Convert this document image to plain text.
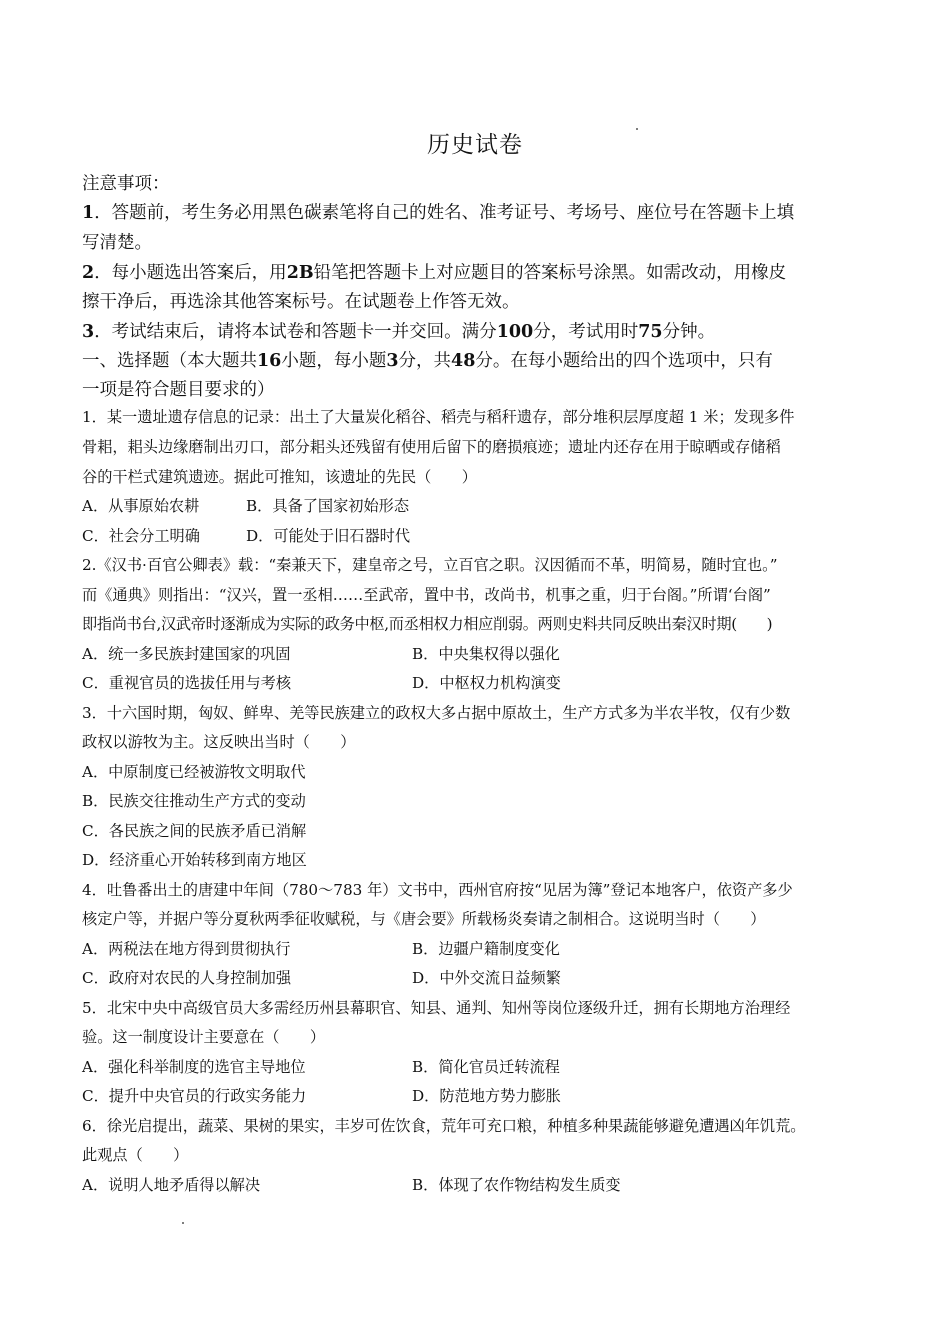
历史试卷
注意事项：
1．答题前，考生务必用黑色碳素笔将自己的姓名、准考证号、考场号、座位号在答题卡上填
写清楚。
2．每小题选出答案后，用2B铅笔把答题卡上对应题目的答案标号涂黑。如需改动，用橡皮
擦干净后，再选涂其他答案标号。在试题卷上作答无效。
3．考试结束后，请将本试卷和答题卡一并交回。满分100分，考试用时75分钟。
一、选择题（本大题共16小题，每小题3分，共48分。在每小题给出的四个选项中，只有
一项是符合题目要求的）
1．某一遗址遗存信息的记录：出土了大量炭化稻谷、稻壳与稻秆遗存，部分堆积层厚度超 1 米；发现多件
骨耜，耜头边缘磨制出刃口，部分耜头还残留有使用后留下的磨损痕迹；遗址内还存在用于晾晒或存储稻
谷的干栏式建筑遗迹。据此可推知，该遗址的先民（　　）
A．从事原始农耕	B．具备了国家初始形态
C．社会分工明确	D．可能处于旧石器时代
2.《汉书·百官公卿表》载：“秦兼天下，建皇帝之号，立百官之职。汉因循而不革，明简易，随时宜也。”
而《通典》则指出：“汉兴，置一丞相……至武帝，置中书，改尚书，机事之重，归于台阁。”所谓‘台阁”
即指尚书台,汉武帝时逐渐成为实际的政务中枢,而丞相权力相应削弱。两则史料共同反映出秦汉时期(　　)
A．统一多民族封建国家的巩固	B．中央集权得以强化
C．重视官员的选拔任用与考核	D．中枢权力机构演变
3．十六国时期，匈奴、鲜卑、羌等民族建立的政权大多占据中原故土，生产方式多为半农半牧，仅有少数
政权以游牧为主。这反映出当时（　　）
A．中原制度已经被游牧文明取代
B．民族交往推动生产方式的变动
C．各民族之间的民族矛盾已消解
D．经济重心开始转移到南方地区
4．吐鲁番出土的唐建中年间（780～783 年）文书中，西州官府按“见居为簿”登记本地客户，依资产多少
核定户等，并据户等分夏秋两季征收赋税，与《唐会要》所载杨炎奏请之制相合。这说明当时（　　）
A．两税法在地方得到贯彻执行	B．边疆户籍制度变化
C．政府对农民的人身控制加强	D．中外交流日益频繁
5．北宋中央中高级官员大多需经历州县幕职官、知县、通判、知州等岗位逐级升迁，拥有长期地方治理经
验。这一制度设计主要意在（　　）
A．强化科举制度的选官主导地位	B．简化官员迁转流程
C．提升中央官员的行政实务能力	D．防范地方势力膨胀
6．徐光启提出，蔬菜、果树的果实，丰岁可佐饮食，荒年可充口粮，种植多种果蔬能够避免遭遇凶年饥荒。
此观点（　　）
A．说明人地矛盾得以解决	B．体现了农作物结构发生质变
